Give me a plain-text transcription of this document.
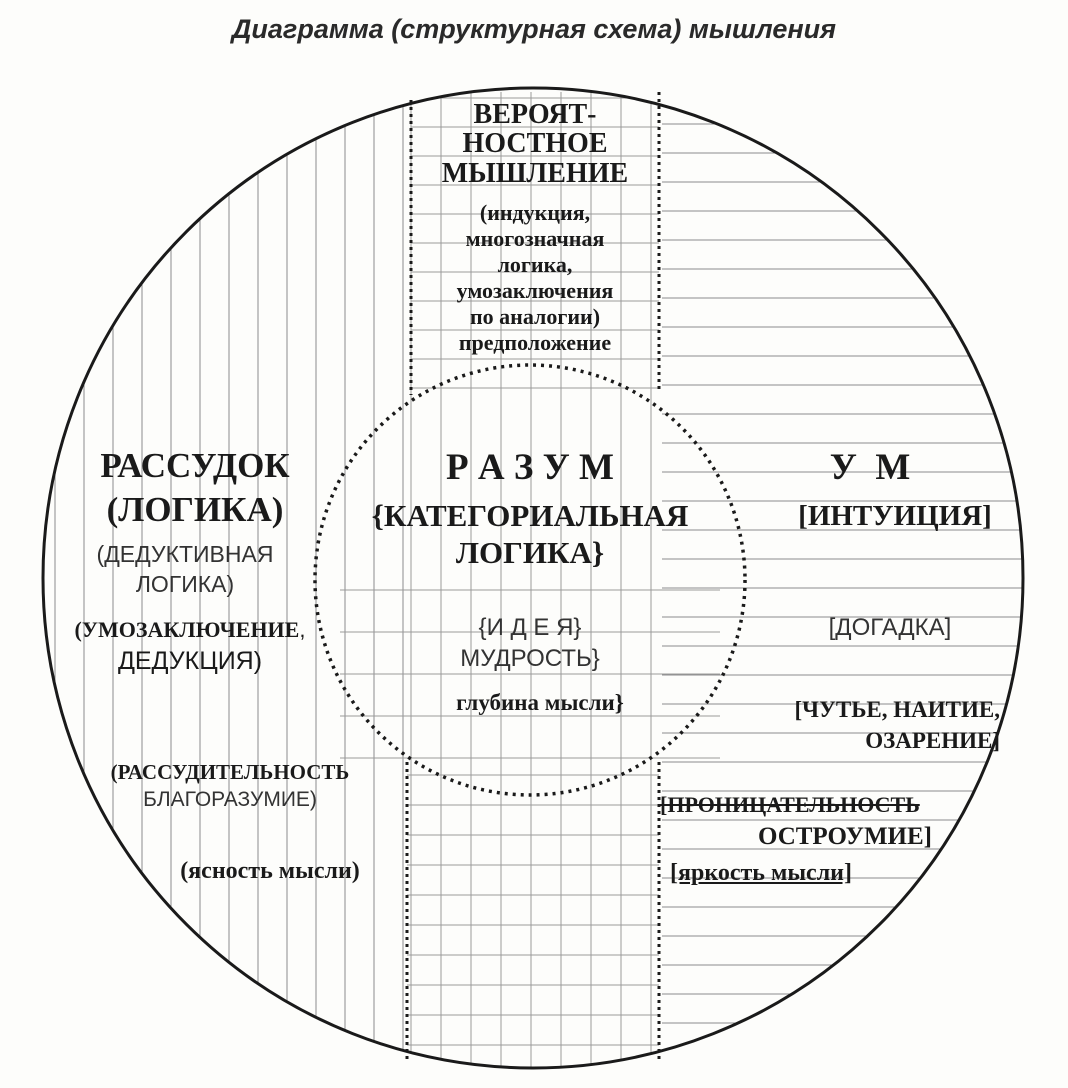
Диаграмма (структурная схема) мышления
ВЕРОЯТ-
НОСТНОЕ
МЫШЛЕНИЕ
(индукция,
многозначная
логика,
умозаключения
по аналогии)
предположение
РАССУДОК
(ЛОГИКА)
(ДЕДУКТИВНАЯ
ЛОГИКА)
(УМОЗАКЛЮЧЕНИЕ,
ДЕДУКЦИЯ)
(РАССУДИТЕЛЬНОСТЬ
БЛАГОРАЗУМИЕ)
(ясность мысли)
Р А З У М
{КАТЕГОРИАЛЬНАЯ
ЛОГИКА}
{И Д Е Я}
МУДРОСТЬ}
глубина мысли}
У  М
[ИНТУИЦИЯ]
[ДОГАДКА]
[ЧУТЬЕ, НАИТИЕ,
ОЗАРЕНИЕ]
[ПРОНИЦАТЕЛЬНОСТЬ
ОСТРОУМИЕ]
[яркость мысли]
